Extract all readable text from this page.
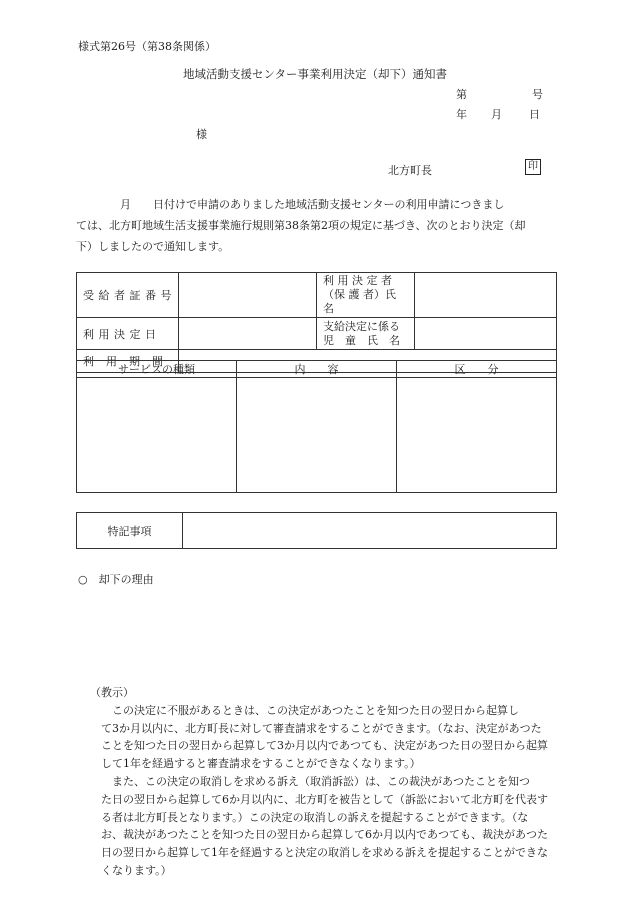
様式第26号（第38条関係）
地域活動支援センター事業利用決定（却下）通知書
第	号
年 月 日
様
北方町長	印

月　　日付けで申請のありました地域活動支援センターの利用申請につきまし

ては、北方町地域生活支援事業施行規則第38条第2項の規定に基づき、次のとおり決定（却

下）しましたので通知します。

受 給 者 証 番 号		利 用 決 定 者
（保 護 者）氏 名	

利 用 決 定 日		支給決定に係る
児　童　氏　名	

利　用　期　間			
サービスの種類	内　　容	区　　分

特記事項	
○　却下の理由

（教示）

この決定に不服があるときは、この決定があつたことを知つた日の翌日から起算し

て3か月以内に、北方町長に対して審査請求をすることができます。（なお、決定があつたことを知つた日の翌日から起算して3か月以内であつても、決定があつた日の翌日から起算して1年を経過すると審査請求をすることができなくなります。）

また、この決定の取消しを求める訴え（取消訴訟）は、この裁決があつたことを知つ

た日の翌日から起算して6か月以内に、北方町を被告として（訴訟において北方町を代表する者は北方町長となります。）この決定の取消しの訴えを提起することができます。（なお、裁決があつたことを知つた日の翌日から起算して6か月以内であつても、裁決があつた日の翌日から起算して1年を経過すると決定の取消しを求める訴えを提起することができなくなります。）
